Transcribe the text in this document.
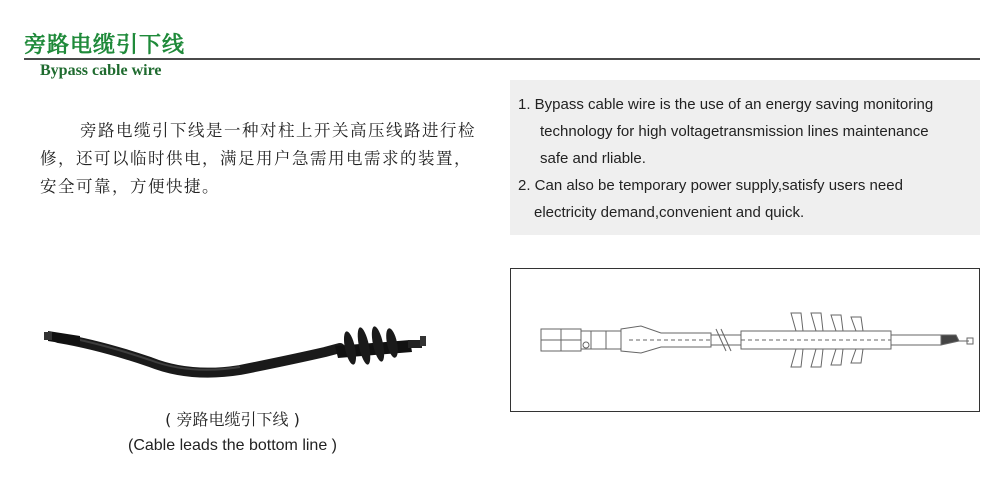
旁路电缆引下线
Bypass cable wire
旁路电缆引下线是一种对柱上开关高压线路进行检修，还可以临时供电，满足用户急需用电需求的装置，安全可靠，方便快捷。
1. Bypass cable wire is the use of an energy saving monitoring
technology for high voltagetransmission lines maintenance
safe and rliable.
2. Can also be temporary power supply,satisfy users need
electricity demand,convenient and quick.
( 旁路电缆引下线 )
(Cable leads the bottom line )
